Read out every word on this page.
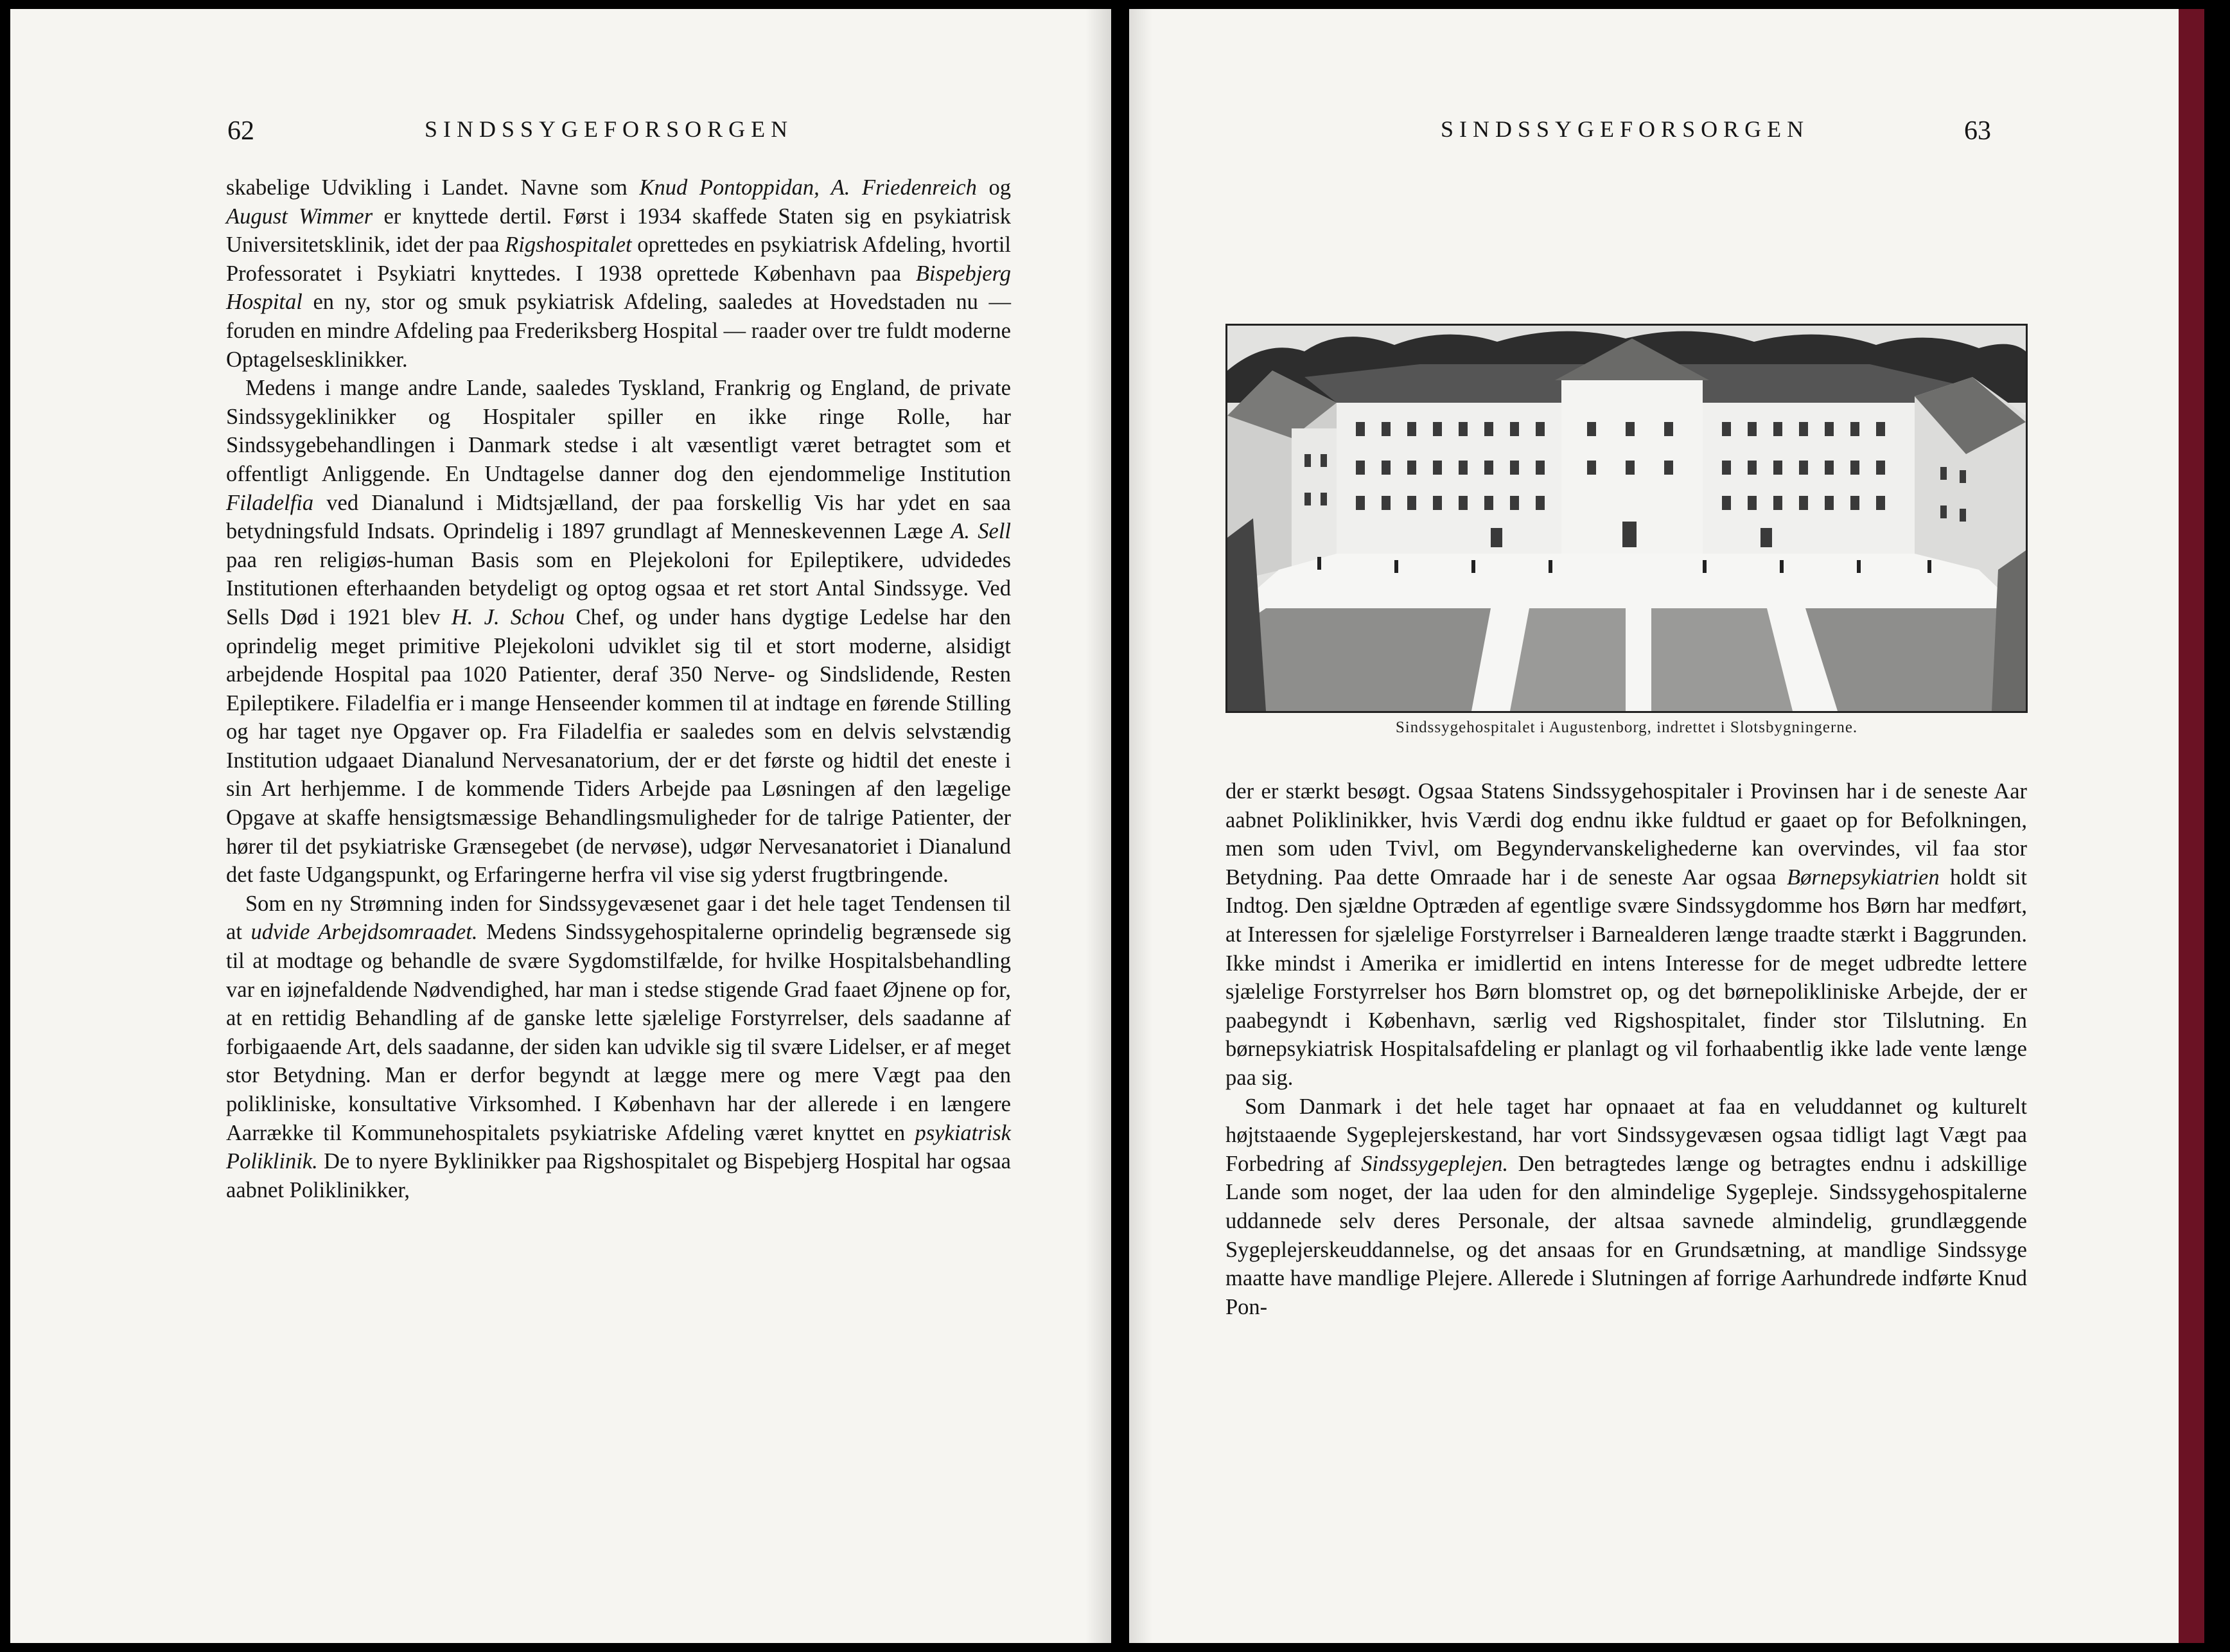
62	SINDSSYGEFORSORGEN

skabelige Udvikling i Landet. Navne som Knud Pontoppidan, A. Friedenreich og August Wimmer er knyttede dertil. Først i 1934 skaffede Staten sig en psykiatrisk Universitetsklinik, idet der paa Rigshospitalet oprettedes en psykiatrisk Afdeling, hvortil Professoratet i Psykiatri knyttedes. I 1938 oprettede København paa Bispebjerg Hospital en ny, stor og smuk psykiatrisk Afdeling, saaledes at Hovedstaden nu — foruden en mindre Afdeling paa Frederiksberg Hospital — raader over tre fuldt moderne Optagelsesklinikker.

Medens i mange andre Lande, saaledes Tyskland, Frankrig og England, de private Sindssygeklinikker og Hospitaler spiller en ikke ringe Rolle, har Sindssygebehandlingen i Danmark stedse i alt væsentligt været betragtet som et offentligt Anliggende. En Undtagelse danner dog den ejendommelige Institution Filadelfia ved Dianalund i Midtsjælland, der paa forskellig Vis har ydet en saa betydningsfuld Indsats. Oprindelig i 1897 grundlagt af Menneskevennen Læge A. Sell paa ren religiøs-human Basis som en Plejekoloni for Epileptikere, udvidedes Institutionen efterhaanden betydeligt og optog ogsaa et ret stort Antal Sindssyge. Ved Sells Død i 1921 blev H. J. Schou Chef, og under hans dygtige Ledelse har den oprindelig meget primitive Plejekoloni udviklet sig til et stort moderne, alsidigt arbejdende Hospital paa 1020 Patienter, deraf 350 Nerve- og Sindslidende, Resten Epileptikere. Filadelfia er i mange Henseender kommen til at indtage en førende Stilling og har taget nye Opgaver op. Fra Filadelfia er saaledes som en delvis selvstændig Institution udgaaet Dianalund Nervesanatorium, der er det første og hidtil det eneste i sin Art herhjemme. I de kommende Tiders Arbejde paa Løsningen af den lægelige Opgave at skaffe hensigtsmæssige Behandlingsmuligheder for de talrige Patienter, der hører til det psykiatriske Grænsegebet (de nervøse), udgør Nervesanatoriet i Dianalund det faste Udgangspunkt, og Erfaringerne herfra vil vise sig yderst frugtbringende.

Som en ny Strømning inden for Sindssygevæsenet gaar i det hele taget Tendensen til at udvide Arbejdsomraadet. Medens Sindssygehospitalerne oprindelig begrænsede sig til at modtage og behandle de svære Sygdomstilfælde, for hvilke Hospitalsbehandling var en iøjnefaldende Nødvendighed, har man i stedse stigende Grad faaet Øjnene op for, at en rettidig Behandling af de ganske lette sjælelige Forstyrrelser, dels saadanne af forbigaaende Art, dels saadanne, der siden kan udvikle sig til svære Lidelser, er af meget stor Betydning. Man er derfor begyndt at lægge mere og mere Vægt paa den polikliniske, konsultative Virksomhed. I København har der allerede i en længere Aarrække til Kommunehospitalets psykiatriske Afdeling været knyttet en psykiatrisk Poliklinik. De to nyere Byklinikker paa Rigshospitalet og Bispebjerg Hospital har ogsaa aabnet Poliklinikker,

SINDSSYGEFORSORGEN	63
Sindssygehospitalet i Augustenborg, indrettet i Slotsbygningerne.

der er stærkt besøgt. Ogsaa Statens Sindssygehospitaler i Provinsen har i de seneste Aar aabnet Poliklinikker, hvis Værdi dog endnu ikke fuldtud er gaaet op for Befolkningen, men som uden Tvivl, om Begyndervanskelighederne kan overvindes, vil faa stor Betydning. Paa dette Omraade har i de seneste Aar ogsaa Børnepsykiatrien holdt sit Indtog. Den sjældne Optræden af egentlige svære Sindssygdomme hos Børn har medført, at Interessen for sjælelige Forstyrrelser i Barnealderen længe traadte stærkt i Baggrunden. Ikke mindst i Amerika er imidlertid en intens Interesse for de meget udbredte lettere sjælelige Forstyrrelser hos Børn blomstret op, og det børnepolikliniske Arbejde, der er paabegyndt i København, særlig ved Rigshospitalet, finder stor Tilslutning. En børnepsykiatrisk Hospitalsafdeling er planlagt og vil forhaabentlig ikke lade vente længe paa sig.

Som Danmark i det hele taget har opnaaet at faa en veluddannet og kulturelt højtstaaende Sygeplejerskestand, har vort Sindssygevæsen ogsaa tidligt lagt Vægt paa Forbedring af Sindssygeplejen. Den betragtedes længe og betragtes endnu i adskillige Lande som noget, der laa uden for den almindelige Sygepleje. Sindssygehospitalerne uddannede selv deres Personale, der altsaa savnede almindelig, grundlæggende Sygeplejerskeuddannelse, og det ansaas for en Grundsætning, at mandlige Sindssyge maatte have mandlige Plejere. Allerede i Slutningen af forrige Aarhundrede indførte Knud Pon-
